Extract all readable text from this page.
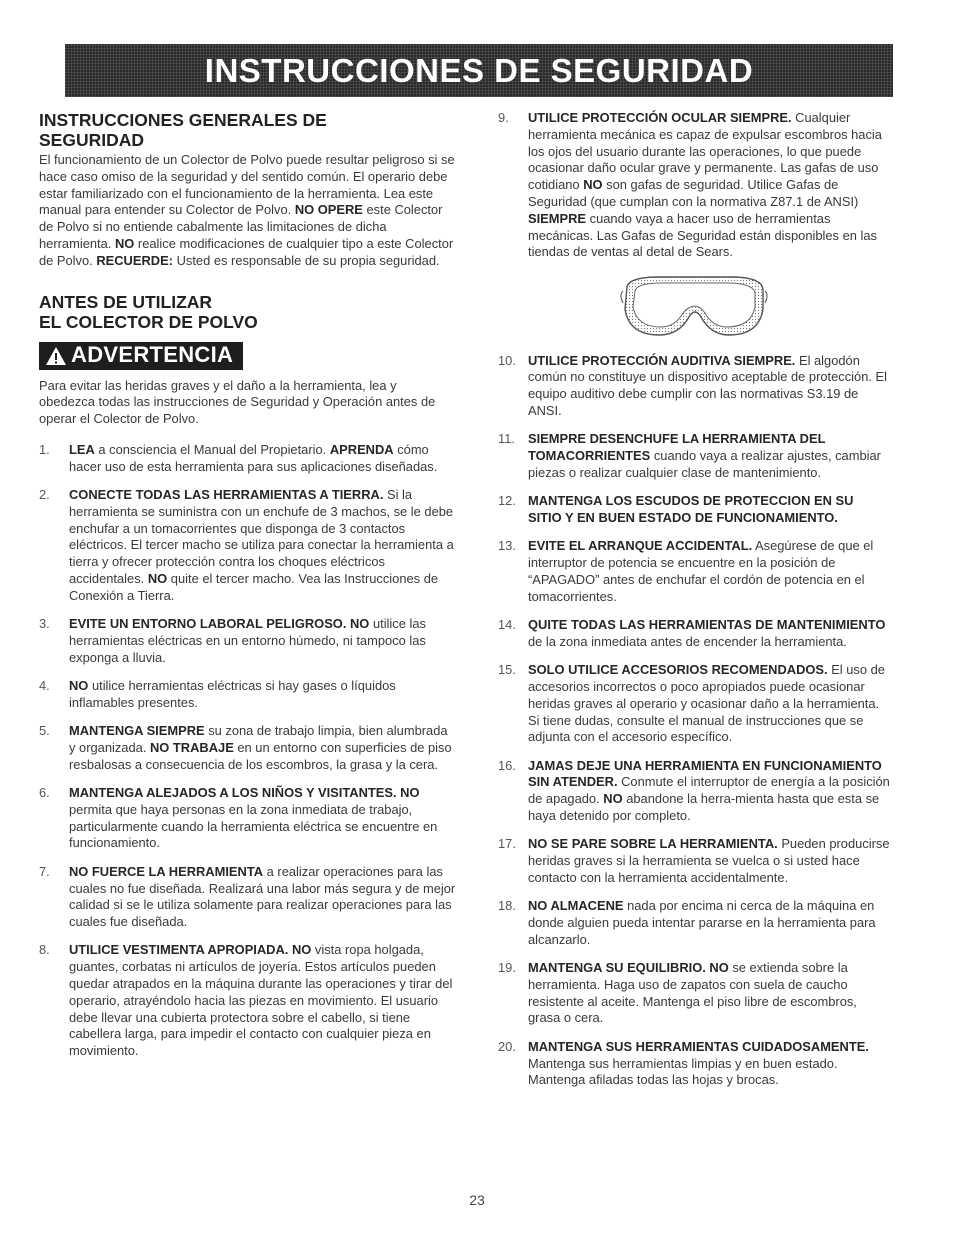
INSTRUCCIONES DE SEGURIDAD
INSTRUCCIONES GENERALES DE
SEGURIDAD

El funcionamiento de un Colector de Polvo puede resultar peligroso si se hace caso omiso de la seguridad y del sentido común. El operario debe estar familiarizado con el funcionamiento de la herramienta. Lea este manual para entender su Colector de Polvo. NO OPERE este Colector de Polvo si no entiende cabalmente las limitaciones de dicha herramienta. NO realice modificaciones de cualquier tipo a este Colector de Polvo. RECUERDE: Usted es responsable de su propia seguridad.

ANTES DE UTILIZAR
EL COLECTOR DE POLVO
ADVERTENCIA

Para evitar las heridas graves y el daño a la herramienta, lea y obedezca todas las instrucciones de Seguridad y Operación antes de operar el Colector de Polvo.

1. LEA a consciencia el Manual del Propietario. APRENDA cómo hacer uso de esta herramienta para sus aplicaciones diseñadas.
2. CONECTE TODAS LAS HERRAMIENTAS A TIERRA. Si la herramienta se suministra con un enchufe de 3 machos, se le debe enchufar a un tomacorrientes que disponga de 3 contactos eléctricos. El tercer macho se utiliza para conectar la herramienta a tierra y ofrecer protección contra los choques eléctricos accidentales. NO quite el tercer macho. Vea las Instrucciones de Conexión a Tierra.
3. EVITE UN ENTORNO LABORAL PELIGROSO. NO utilice las herramientas eléctricas en un entorno húmedo, ni tampoco las exponga a lluvia.
4. NO utilice herramientas eléctricas si hay gases o líquidos inflamables presentes.
5. MANTENGA SIEMPRE su zona de trabajo limpia, bien alumbrada y organizada. NO TRABAJE en un entorno con superficies de piso resbalosas a consecuencia de los escombros, la grasa y la cera.
6. MANTENGA ALEJADOS A LOS NIÑOS Y VISITANTES. NO permita que haya personas en la zona inmediata de trabajo, particularmente cuando la herramienta eléctrica se encuentre en funcionamiento.
7. NO FUERCE LA HERRAMIENTA a realizar operaciones para las cuales no fue diseñada. Realizará una labor más segura y de mejor calidad si se le utiliza solamente para realizar operaciones para las cuales fue diseñada.
8. UTILICE VESTIMENTA APROPIADA. NO vista ropa holgada, guantes, corbatas ni artículos de joyería. Estos artículos pueden quedar atrapados en la máquina durante las operaciones y tirar del operario, atrayéndolo hacia las piezas en movimiento. El usuario debe llevar una cubierta protectora sobre el cabello, si tiene cabellera larga, para impedir el contacto con cualquier pieza en movimiento.
9. UTILICE PROTECCIÓN OCULAR SIEMPRE. Cualquier herramienta mecánica es capaz de expulsar escombros hacia los ojos del usuario durante las operaciones, lo que puede ocasionar daño ocular grave y permanente. Las gafas de uso cotidiano NO son gafas de seguridad. Utilice Gafas de Seguridad (que cumplan con la normativa Z87.1 de ANSI) SIEMPRE cuando vaya a hacer uso de herramientas mecánicas. Las Gafas de Seguridad están disponibles en las tiendas de ventas al detal de Sears.
10. UTILICE PROTECCIÓN AUDITIVA SIEMPRE. El algodón común no constituye un dispositivo aceptable de protección. El equipo auditivo debe cumplir con las normativas S3.19 de ANSI.
11. SIEMPRE DESENCHUFE LA HERRAMIENTA DEL TOMACORRIENTES cuando vaya a realizar ajustes, cambiar piezas o realizar cualquier clase de mantenimiento.
12. MANTENGA LOS ESCUDOS DE PROTECCION EN SU SITIO Y EN BUEN ESTADO DE FUNCIONAMIENTO.
13. EVITE EL ARRANQUE ACCIDENTAL. Asegúrese de que el interruptor de potencia se encuentre en la posición de “APAGADO” antes de enchufar el cordón de potencia en el tomacorrientes.
14. QUITE TODAS LAS HERRAMIENTAS DE MANTENIMIENTO de la zona inmediata antes de encender la herramienta.
15. SOLO UTILICE ACCESORIOS RECOMENDADOS. El uso de accesorios incorrectos o poco apropiados puede ocasionar heridas graves al operario y ocasionar daño a la herramienta. Si tiene dudas, consulte el manual de instrucciones que se adjunta con el accesorio específico.
16. JAMAS DEJE UNA HERRAMIENTA EN FUNCIONAMIENTO SIN ATENDER. Conmute el interruptor de energía a la posición de apagado. NO abandone la herra-mienta hasta que esta se haya detenido por completo.
17. NO SE PARE SOBRE LA HERRAMIENTA. Pueden producirse heridas graves si la herramienta se vuelca o si usted hace contacto con la herramienta accidentalmente.
18. NO ALMACENE nada por encima ni cerca de la máquina en donde alguien pueda intentar pararse en la herramienta para alcanzarlo.
19. MANTENGA SU EQUILIBRIO. NO se extienda sobre la herramienta. Haga uso de zapatos con suela de caucho resistente al aceite. Mantenga el piso libre de escombros, grasa o cera.
20. MANTENGA SUS HERRAMIENTAS CUIDADOSAMENTE. Mantenga sus herramientas limpias y en buen estado. Mantenga afiladas todas las hojas y brocas.
23
